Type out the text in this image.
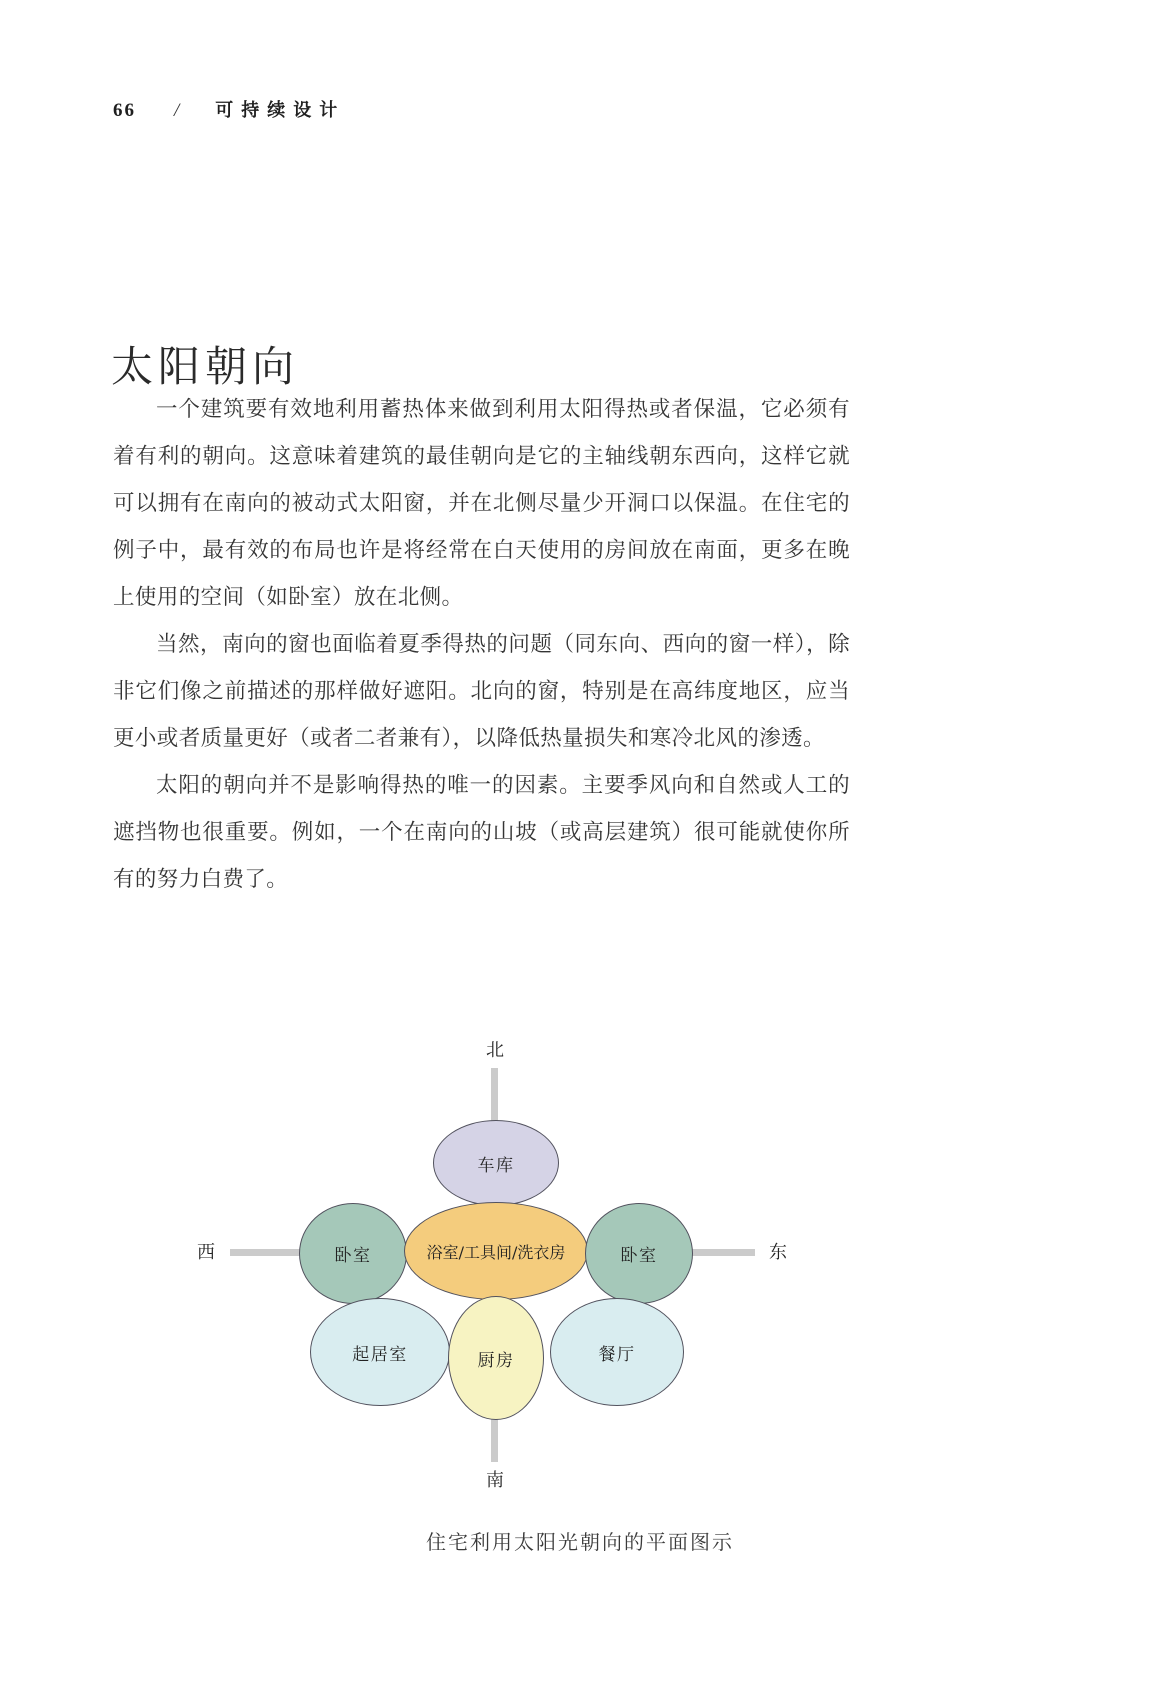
66 / 可持续设计
太阳朝向

一个建筑要有效地利用蓄热体来做到利用太阳得热或者保温，它必须有着有利的朝向。这意味着建筑的最佳朝向是它的主轴线朝东西向，这样它就可以拥有在南向的被动式太阳窗，并在北侧尽量少开洞口以保温。在住宅的例子中，最有效的布局也许是将经常在白天使用的房间放在南面，更多在晚上使用的空间（如卧室）放在北侧。

当然，南向的窗也面临着夏季得热的问题（同东向、西向的窗一样），除非它们像之前描述的那样做好遮阳。北向的窗，特别是在高纬度地区，应当更小或者质量更好（或者二者兼有），以降低热量损失和寒冷北风的渗透。

太阳的朝向并不是影响得热的唯一的因素。主要季风向和自然或人工的遮挡物也很重要。例如，一个在南向的山坡（或高层建筑）很可能就使你所有的努力白费了。

北
西	东
车库
卧室	浴室/工具间/洗衣房	卧室
起居室	厨房	餐厅
南
住宅利用太阳光朝向的平面图示
